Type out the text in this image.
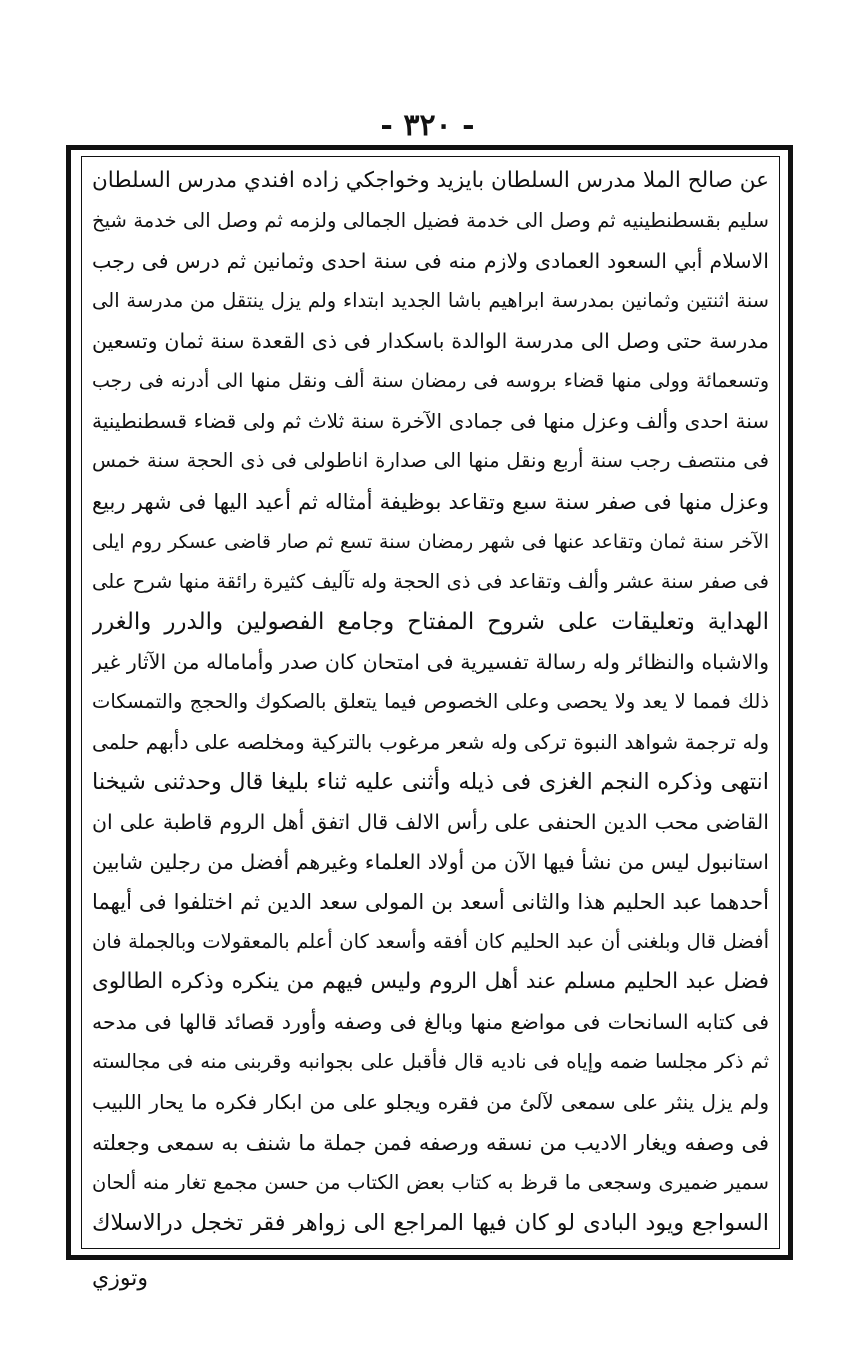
- ٣٢٠ -
عن صالح الملا مدرس السلطان بايزيد وخواجكي زاده افندي مدرس السلطان
سليم بقسطنطينيه ثم وصل الى خدمة فضيل الجمالى ولزمه ثم وصل الى خدمة شيخ
الاسلام أبي السعود العمادى ولازم منه فى سنة احدى وثمانين ثم درس فى رجب
سنة اثنتين وثمانين بمدرسة ابراهيم باشا الجديد ابتداء ولم يزل ينتقل من مدرسة الى
مدرسة حتى وصل الى مدرسة الوالدة باسكدار فى ذى القعدة سنة ثمان وتسعين
وتسعمائة وولى منها قضاء بروسه فى رمضان سنة ألف ونقل منها الى أدرنه فى رجب
سنة احدى وألف وعزل منها فى جمادى الآخرة سنة ثلاث ثم ولى قضاء قسطنطينية
فى منتصف رجب سنة أربع ونقل منها الى صدارة اناطولى فى ذى الحجة سنة خمس
وعزل منها فى صفر سنة سبع وتقاعد بوظيفة أمثاله ثم أعيد اليها فى شهر ربيع
الآخر سنة ثمان وتقاعد عنها فى شهر رمضان سنة تسع ثم صار قاضى عسكر روم ايلى
فى صفر سنة عشر وألف وتقاعد فى ذى الحجة وله تآليف كثيرة رائقة منها شرح على
الهداية وتعليقات على شروح المفتاح وجامع الفصولين والدرر والغرر
والاشباه والنظائر وله رسالة تفسيرية فى امتحان كان صدر وأماماله من الآثار غير
ذلك فمما لا يعد ولا يحصى وعلى الخصوص فيما يتعلق بالصكوك والحجج والتمسكات
وله ترجمة شواهد النبوة تركى وله شعر مرغوب بالتركية ومخلصه على دأبهم حلمى
انتهى وذكره النجم الغزى فى ذيله وأثنى عليه ثناء بليغا قال وحدثنى شيخنا
القاضى محب الدين الحنفى على رأس الالف قال اتفق أهل الروم قاطبة على ان
استانبول ليس من نشأ فيها الآن من أولاد العلماء وغيرهم أفضل من رجلين شابين
أحدهما عبد الحليم هذا والثانى أسعد بن المولى سعد الدين ثم اختلفوا فى أيهما
أفضل قال وبلغنى أن عبد الحليم كان أفقه وأسعد كان أعلم بالمعقولات وبالجملة فان
فضل عبد الحليم مسلم عند أهل الروم وليس فيهم من ينكره وذكره الطالوى
فى كتابه السانحات فى مواضع منها وبالغ فى وصفه وأورد قصائد قالها فى مدحه
ثم ذكر مجلسا ضمه وإياه فى ناديه قال فأقبل على بجوانبه وقربنى منه فى مجالسته
ولم يزل ينثر على سمعى لآلئ من فقره ويجلو على من ابكار فكره ما يحار اللبيب
فى وصفه ويغار الاديب من نسقه ورصفه فمن جملة ما شنف به سمعى وجعلته
سمير ضميرى وسجعى ما قرظ به كتاب بعض الكتاب من حسن مجمع تغار منه ألحان
السواجع ويود البادى لو كان فيها المراجع الى زواهر فقر تخجل درالاسلاك
وتوزي
